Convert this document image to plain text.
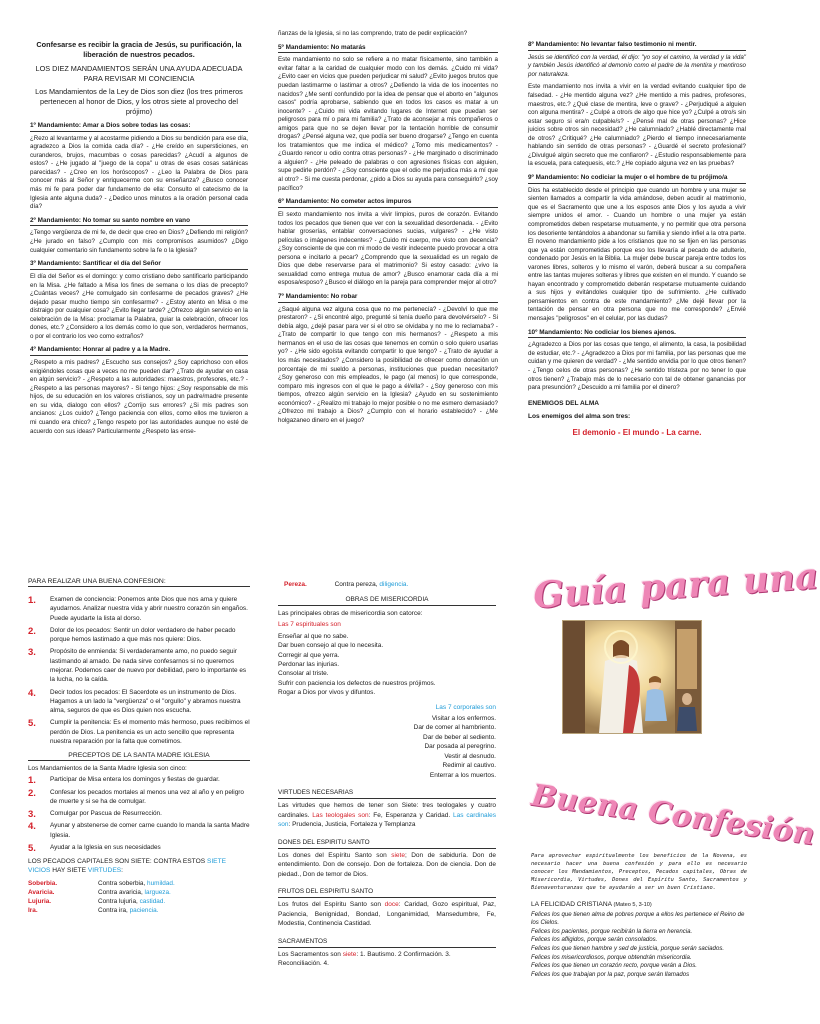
Confesarse es recibir la gracia de Jesús, su purificación, la liberación de nuestros pecados.

LOS DIEZ MANDAMIENTOS SERÁN UNA AYUDA ADECUADA PARA REVISAR MI CONCIENCIA

Los Mandamientos de la Ley de Dios son diez (los tres primeros pertenecen al honor de Dios, y los otros siete al provecho del prójimo)

1º Mandamiento: Amar a Dios sobre todas las cosas:

¿Rezo al levantarme y al acostarme pidiendo a Dios su bendición para ese día, agradezco a Dios la comida cada día? - ¿He creído en supersticiones, en curanderos, brujos, macumbas o cosas parecidas? ¿Acudí a algunos de estos? - ¿He jugado al "juego de la copa" u otras de esas cosas satánicas parecidas? - ¿Creo en los horóscopos? - ¿Leo la Palabra de Dios para conocer más al Señor y enriquecerme con su enseñanza? ¿Busco conocer más mi fe para poder dar fundamento de ella: Consulto el catecismo de la Iglesia ante alguna duda? - ¿Dedico unos minutos a la oración personal cada día?

2º Mandamiento: No tomar su santo nombre en vano

¿Tengo vergüenza de mi fe, de decir que creo en Dios? ¿Defiendo mi religión? ¿He jurado en falso? ¿Cumplo con mis compromisos asumidos? ¿Digo cualquier comentario sin fundamento sobre la fe o la Iglesia?

3º Mandamiento: Santificar el día del Señor

El día del Señor es el domingo: y como cristiano debo santificarlo participando en la Misa. ¿He faltado a Misa los fines de semana o los días de precepto? ¿Cuántas veces? ¿He comulgado sin confesarme de pecados graves? ¿He dejado pasar mucho tiempo sin confesarme? - ¿Estoy atento en Misa o me distraigo por cualquier cosa? ¿Evito llegar tarde? ¿Ofrezco algún servicio en la celebración de la Misa: proclamar la Palabra, guiar la celebración, ofrecer los dones, etc.? ¿Considero a los demás como lo que son, verdaderos hermanos, o por el contrario los veo como extraños?

4º Mandamiento: Honrar al padre y a la Madre.

¿Respeto a mis padres? ¿Escucho sus consejos? ¿Soy caprichoso con ellos exigiéndoles cosas que a veces no me pueden dar? ¿Trato de ayudar en casa en algún servicio? - ¿Respeto a las autoridades: maestros, profesores, etc.? - ¿Respeto a las personas mayores? - Si tengo hijos: ¿Soy responsable de mis hijos, de su educación en los valores cristianos, soy un padre/madre presente en su vida, dialogo con ellos? ¿Corrijo sus errores? ¿Si mis padres son ancianos: ¿Los cuido? ¿Tengo paciencia con ellos, como ellos me tuvieron a mi cuando era chico? ¿Tengo respeto por las autoridades aunque no esté de acuerdo con sus ideas? Particularmente ¿Respeto las ense-

ñanzas de la Iglesia, si no las comprendo, trato de pedir explicación?

5º Mandamiento: No matarás

Este mandamiento no solo se refiere a no matar físicamente, sino también a evitar faltar a la caridad de cualquier modo con los demás. ¿Cuido mi vida? ¿Evito caer en vicios que pueden perjudicar mi salud? ¿Evito juegos brutos que puedan lastimarme o lastimar a otros? ¿Defiendo la vida de los inocentes no nacidos? ¿Me sentí confundido por la idea de pensar que el aborto en "algunos casos" podría aprobarse, sabiendo que en todos los casos es matar a un inocente? - ¿Cuido mi vida evitando lugares de Internet que puedan ser peligrosos para mí o para mi familia? ¿Trato de aconsejar a mis compañeros o amigos para que no se dejen llevar por la tentación horrible de consumir drogas? ¿Pensé alguna vez, que podía ser bueno drogarse? ¿Tengo en cuenta los tratamientos que me indica el médico? ¿Tomo mis medicamentos? - ¿Guardo rencor u odio contra otras personas? - ¿He marginado o discriminado a alguien? - ¿He peleado de palabras o con agresiones físicas con alguien, supe pedirle perdón? - ¿Soy consciente que el odio me perjudica más a mí que al otro? - Si me cuesta perdonar, ¿pido a Dios su ayuda para conseguirlo? ¿soy pacífico?

6º Mandamiento: No cometer actos impuros

El sexto mandamiento nos invita a vivir limpios, puros de corazón. Evitando todos los pecados que tienen que ver con la sexualidad desordenada. - ¿Evito hablar groserías, entablar conversaciones sucias, vulgares? - ¿He visto películas o imágenes indecentes? - ¿Cuido mi cuerpo, me visto con decencia? ¿Soy consciente de que con mi modo de vestir indecente puedo provocar a otra persona e incitarlo a pecar? ¿Comprendo que la sexualidad es un regalo de Dios que debe reservarse para el matrimonio? Si estoy casado: ¿vivo la sexualidad como entrega mutua de amor? ¿Busco enamorar cada día a mi esposa/esposo? ¿Busco el diálogo en la pareja para comprender mejor al otro?

7º Mandamiento: No robar

¿Saqué alguna vez alguna cosa que no me pertenecía? - ¿Devolví lo que me prestaron? - ¿Si encontré algo, pregunté si tenía dueño para devolvérselo? - Si debía algo, ¿dejé pasar para ver si el otro se olvidaba y no me lo reclamaba? - ¿Trato de compartir lo que tengo con mis hermanos? - ¿Respeto a mis hermanos en el uso de las cosas que tenemos en común o solo quiero usarlas yo? - ¿He sido egoísta evitando compartir lo que tengo? - ¿Trato de ayudar a los más necesitados? ¿Considero la posibilidad de ofrecer como donación un porcentaje de mi sueldo a personas, instituciones que puedan necesitarlo? ¿Soy generoso con mis empleados, le pago (al menos) lo que corresponde, comparo mis ingresos con el que le pago a él/ella? - ¿Soy generoso con mis tiempos, ofrezco algún servicio en la Iglesia? ¿Ayudo en su sostenimiento económico? - ¿Realizo mi trabajo lo mejor posible o no me esmero demasiado? ¿Ofrezco mi trabajo a Dios? ¿Cumplo con el horario establecido? - ¿Me holgazaneo dinero en el juego?

8º Mandamiento: No levantar falso testimonio ni mentir.

Jesús se identificó con la verdad, él dijo: "yo soy el camino, la verdad y la vida" y también Jesús identificó al demonio como el padre de la mentira y mentiroso por naturaleza.

Este mandamiento nos invita a vivir en la verdad evitando cualquier tipo de falsedad. - ¿He mentido alguna vez? ¿He mentido a mis padres, profesores, maestros, etc.? ¿Qué clase de mentira, leve o grave? - ¿Perjudiqué a alguien con alguna mentira? - ¿Culpé a otro/s de algo que hice yo? ¿Culpé a otro/s sin estar seguro si era/n culpable/s? - ¿Pensé mal de otras personas? ¿Hice juicios sobre otros sin necesidad? ¿He calumniado? ¿Hablé directamente mal de otros? ¿Critiqué? ¿He calumniado? ¿Pierdo el tiempo innecesariamente hablando sin sentido de otras personas? - ¿Guardé el secreto profesional? ¿Divulgué algún secreto que me confiaron? - ¿Estudio responsablemente para la escuela, para catequesis, etc.? ¿He copiado alguna vez en las pruebas?

9º Mandamiento: No codiciar la mujer o el hombre de tu prójimo/a

Dios ha establecido desde el principio que cuando un hombre y una mujer se sienten llamados a compartir la vida amándose, deben acudir al matrimonio, que es el Sacramento que une a los esposos ante Dios y los ayuda a vivir siempre unidos el amor. - Cuando un hombre o una mujer ya están comprometidos deben respetarse mutuamente, y no permitir que otra persona los desoriente tentándolos a abandonar su familia y siendo infiel a la otra parte. El noveno mandamiento pide a los cristianos que no se fijen en las personas que ya están comprometidas porque eso los llevaría al pecado de adulterio, condenado por Jesús en la Biblia. La mujer debe buscar pareja entre todos los varones libres, solteros y lo mismo el varón, deberá buscar a su compañera entre las tantas mujeres solteras y libres que existen en el mundo. Y cuando se hayan encontrado y comprometido deberán respetarse mutuamente cuidando a sus hijos y evitándoles cualquier tipo de sufrimiento. ¿He cultivado pensamientos en contra de este mandamiento? ¿Me dejé llevar por la tentación de pensar en otra persona que no me corresponde? ¿Envié mensajes "peligrosos" en el celular, por las dudas?

10º Mandamiento: No codiciar los bienes ajenos.

¿Agradezco a Dios por las cosas que tengo, el alimento, la casa, la posibilidad de estudiar, etc.? - ¿Agradezco a Dios por mi familia, por las personas que me cuidan y me quieren de verdad? - ¿Me sentido envidia por lo que otros tienen? - ¿Tengo celos de otras personas? ¿He sentido tristeza por no tener lo que otros tienen? ¿Trabajo más de lo necesario con tal de obtener ganancias por para presunción? ¿Descuido a mi familia por el dinero?

ENEMIGOS DEL ALMA
Los enemigos del alma son tres:
El demonio - El mundo - La carne.
PARA REALIZAR UNA BUENA CONFESION:
1. Examen de conciencia: Ponernos ante Dios que nos ama y quiere ayudarnos. Analizar nuestra vida y abrir nuestro corazón sin engaños. Puede ayudarte la lista al dorso.
2. Dolor de los pecados: Sentir un dolor verdadero de haber pecado porque hemos lastimado a que más nos quiere: Dios.
3. Propósito de enmienda: Si verdaderamente amo, no puedo seguir lastimando al amado. De nada sirve confesarnos si no queremos mejorar. Podemos caer de nuevo por debilidad, pero lo importante es la lucha, no la caída.
4. Decir todos los pecados: El Sacerdote es un instrumento de Dios. Hagamos a un lado la "vergüenza" o el "orgullo" y abramos nuestra alma, seguros de que es Dios quien nos escucha.
5. Cumplir la penitencia: Es el momento más hermoso, pues recibimos el perdón de Dios. La penitencia es un acto sencillo que representa nuestra reparación por la falta que cometimos.
PRECEPTOS DE LA SANTA MADRE IGLESIA
Los Mandamientos de la Santa Madre Iglesia son cinco:
1. Participar de Misa entera los domingos y fiestas de guardar.
2. Confesar los pecados mortales al menos una vez al año y en peligro de muerte y si se ha de comulgar.
3. Comulgar por Pascua de Resurrección.
4. Ayunar y abstenerse de comer carne cuando lo manda la santa Madre Iglesia.
5. Ayudar a la Iglesia en sus necesidades
LOS PECADOS CAPITALES SON SIETE: CONTRA ESTOS SIETE VICIOS HAY SIETE VIRTUDES:
Soberbia.	Contra soberbia, humildad.
Avaricia.	Contra avaricia, largueza.
Lujuria.	Contra lujuria, castidad.
Ira.	Contra ira, paciencia.

Pereza.	Contra pereza, diligencia.

OBRAS DE MISERICORDIA

Las principales obras de misericordia son catorce:

Las 7 espirituales son

Enseñar al que no sabe.
Dar buen consejo al que lo necesita.
Corregir al que yerra.
Perdonar las injurias.
Consolar al triste.
Sufrir con paciencia los defectos de nuestros prójimos.
Rogar a Dios por vivos y difuntos.

Las 7 corporales son

Visitar a los enfermos.
Dar de comer al hambriento.
Dar de beber al sediento.
Dar posada al peregrino.
Vestir al desnudo.
Redimir al cautivo.
Enterrar a los muertos.
VIRTUDES NECESARIAS

Las virtudes que hemos de tener son Siete: tres teologales y cuatro cardinales. Las teologales son: Fe, Esperanza y Caridad. Las cardinales son: Prudencia, Justicia, Fortaleza y Templanza

DONES DEL ESPIRITU SANTO

Los dones del Espíritu Santo son siete; Don de sabiduría. Don de entendimiento. Don de consejo. Don de fortaleza. Don de ciencia. Don de piedad., Don de temor de Dios.

FRUTOS DEL ESPIRITU SANTO

Los frutos del Espíritu Santo son doce: Caridad, Gozo espiritual, Paz, Paciencia, Benignidad, Bondad, Longanimidad, Mansedumbre, Fe, Modestia, Continencia Castidad.

SACRAMENTOS

Los Sacramentos son siete: 1. Bautismo. 2 Confirmación. 3. Reconciliación. 4.

Guía para una
Buena Confesión

Para aprovechar espiritualmente los beneficios de la Novena, es necesario hacer una buena confesión y para ello es necesario conocer los Mandamientos, Preceptos, Pecados capitales, Obras de Misericordia, Virtudes, Dones del Espíritu Santo, Sacramentos y Bienaventuranzas que te ayudarán a ser un buen Cristiano.

LA FELICIDAD CRISTIANA (Mateo 5, 3-10)
Felices los que tienen alma de pobres porque a ellos les pertenece el Reino de los Cielos.
Felices los pacientes, porque recibirán la tierra en herencia.
Felices los afligidos, porque serán consolados.
Felices los que tienen hambre y sed de justicia, porque serán saciados.
Felices los misericordiosos, porque obtendrán misericordia.
Felices los que tienen un corazón recto, porque verán a Dios.
Felices los que trabajan por la paz, porque serán llamados
